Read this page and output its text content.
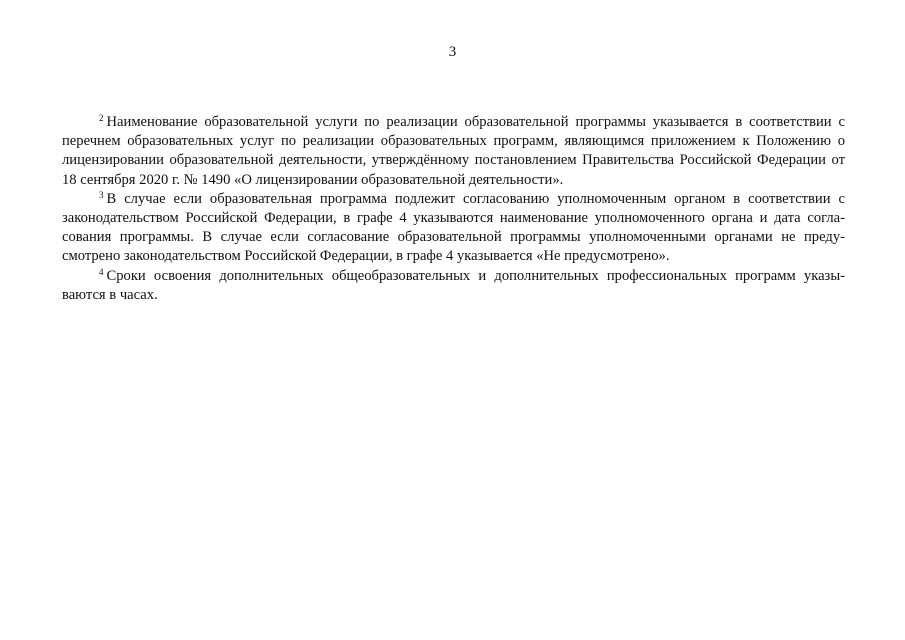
3

$^2$ Наименование образовательной услуги по реализации образовательной программы указывается в соответствии с перечнем образовательных услуг по реализации образовательных программ, являющимся приложением к Положению о лицензировании образовательной деятельности, утверждённому постановлением Правительства Российской Федерации от 18 сентября 2020 г. № 1490 «О лицензировании образовательной деятельности».

$^3$ В случае если образовательная программа подлежит согласованию уполномоченным органом в соответствии с законодательством Российской Федерации, в графе 4 указываются наименование уполномоченного органа и дата согласования программы. В случае если согласование образовательной программы уполномоченными органами не предусмотрено законодательством Российской Федерации, в графе 4 указывается «Не предусмотрено».

$^4$ Сроки освоения дополнительных общеобразовательных и дополнительных профессиональных программ указываются в часах.
